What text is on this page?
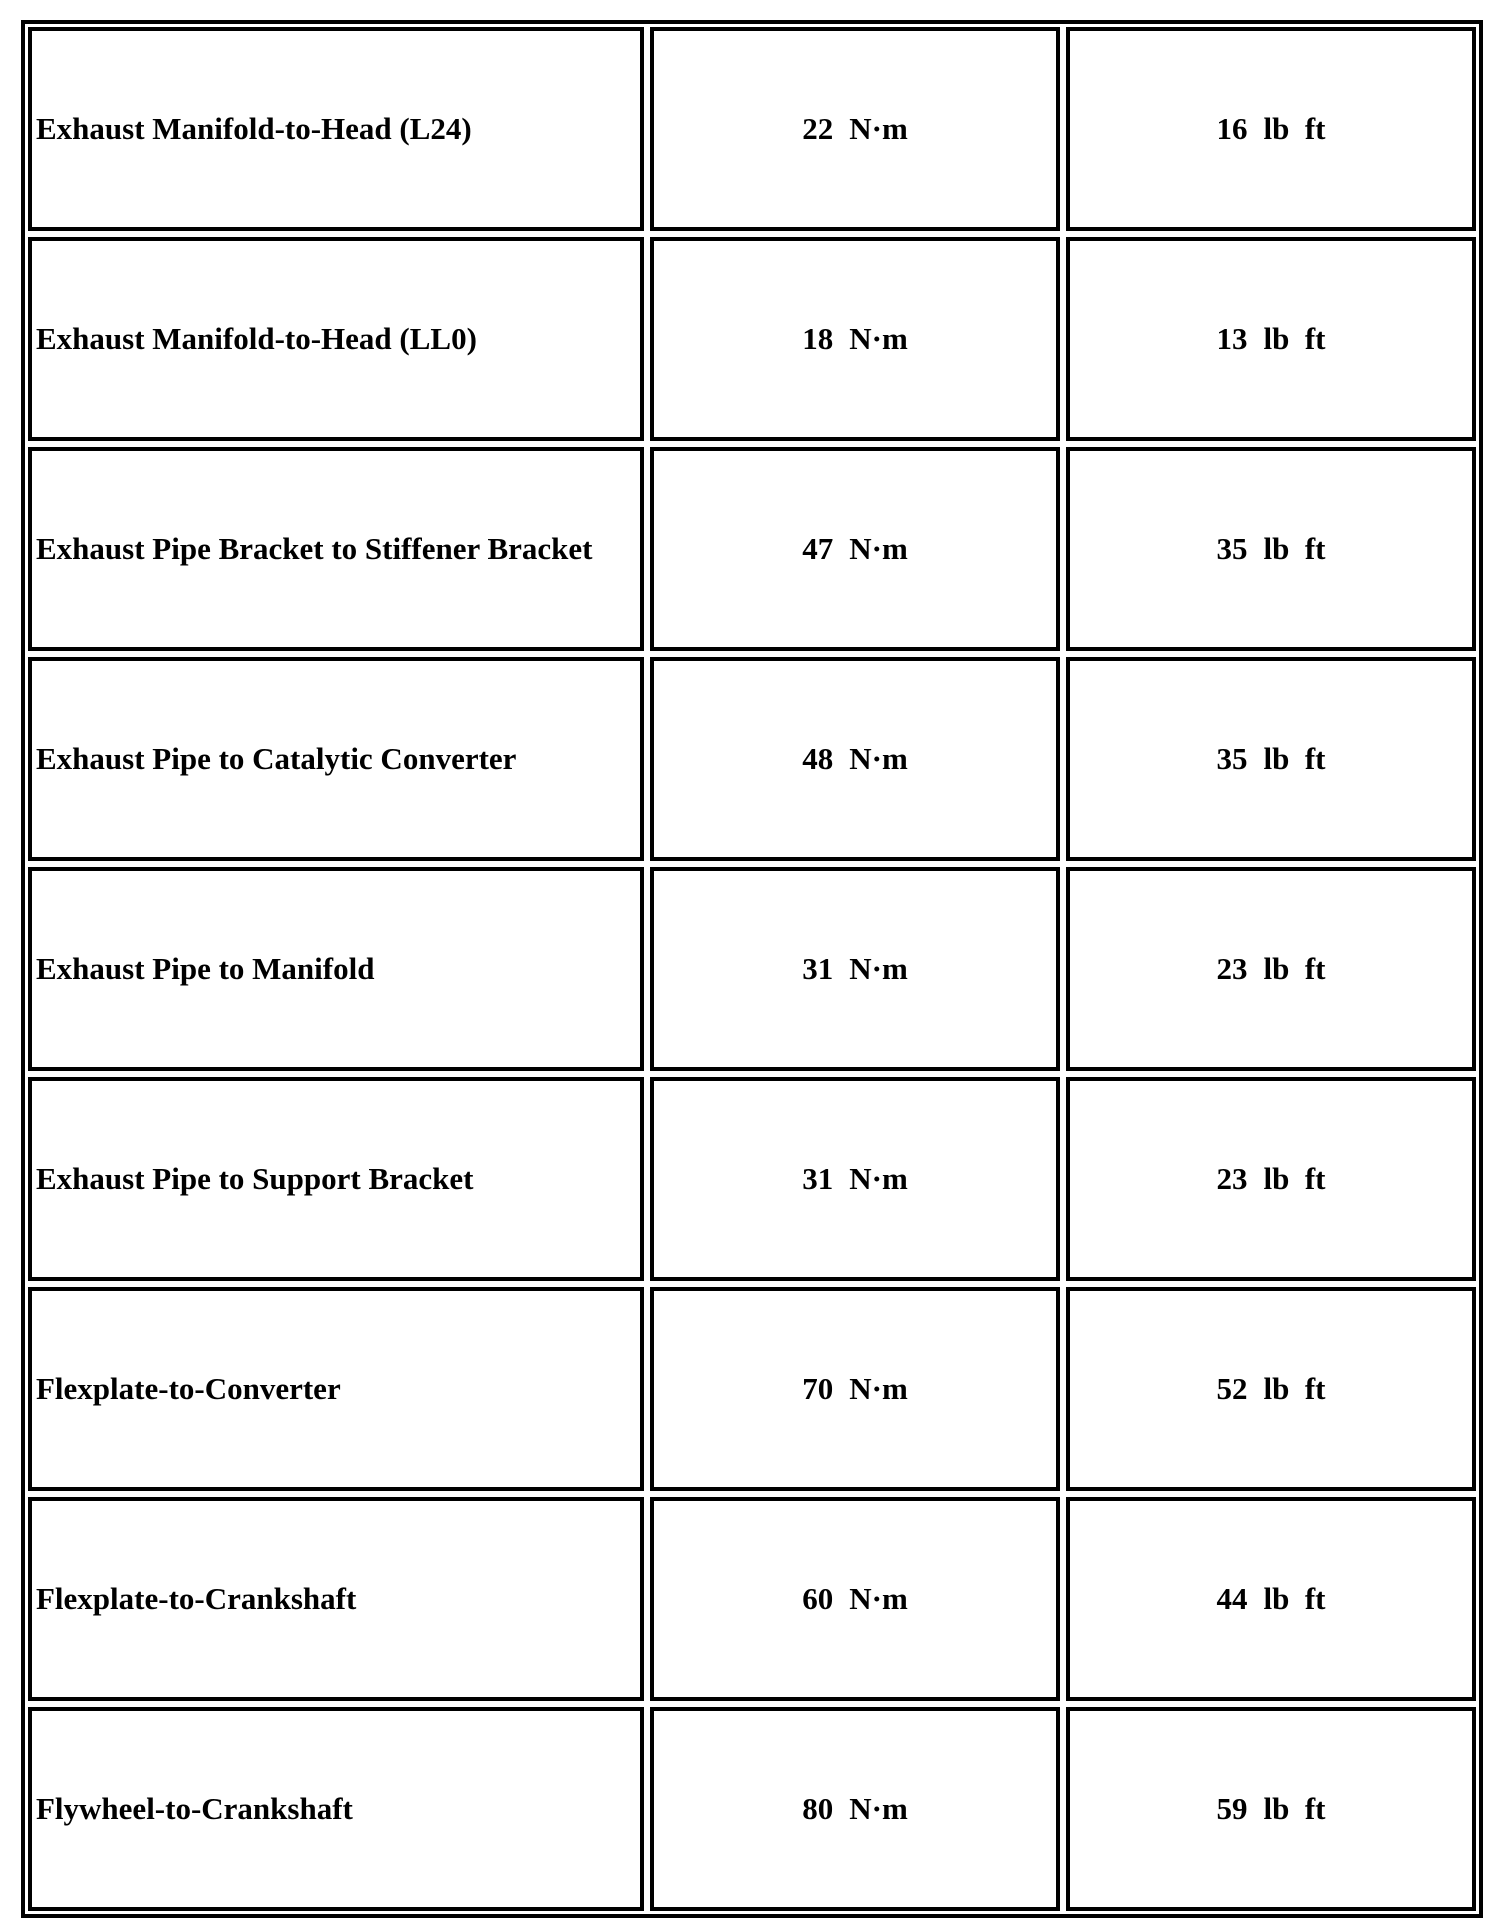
Exhaust Manifold-to-Head (L24)	22 N·m	16 lb  ft
Exhaust Manifold-to-Head (LL0)	18 N·m	13 lb  ft
Exhaust Pipe Bracket to Stiffener Bracket	47 N·m	35 lb  ft
Exhaust Pipe to Catalytic Converter	48 N·m	35 lb  ft
Exhaust Pipe to Manifold	31 N·m	23 lb  ft
Exhaust Pipe to Support Bracket	31 N·m	23 lb  ft
Flexplate-to-Converter	70 N·m	52 lb  ft
Flexplate-to-Crankshaft	60 N·m	44 lb  ft
Flywheel-to-Crankshaft	80 N·m	59 lb  ft
